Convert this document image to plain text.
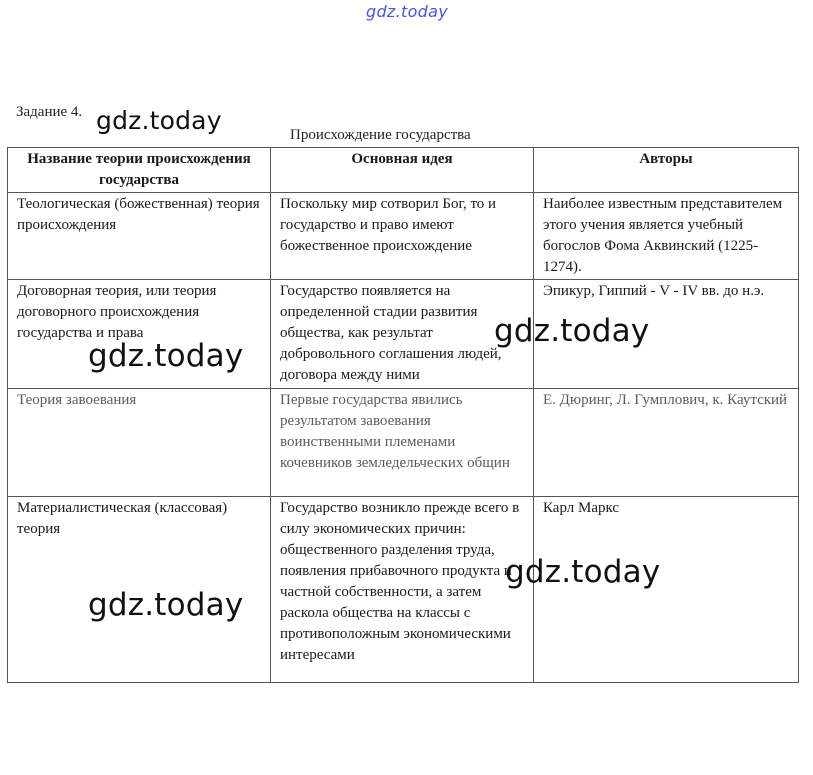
gdz.today
Задание 4. gdz.today	Происхождение государства
Название теории происхождения государства	Основная идея	Авторы
Теологическая (божественная) теория происхождения	Поскольку мир сотворил Бог, то и государство и право имеют божественное происхождение	Наиболее известным представителем этого учения является учебный богослов Фома Аквинский (1225- 1274).
Договорная теория, или теория договорного происхождения государства и права	Государство появляется на определенной стадии развития общества, как результат добровольного соглашения людей, договора между ними	Эпикур, Гиппий - V - IV вв. до н.э.
Теория завоевания	Первые государства явились результатом завоевания воинственными племенами кочевников земледельческих общин	Е. Дюринг, Л. Гумплович, к. Каутский
Материалистическая (классовая) теория	Государство возникло прежде всего в силу экономических причин: общественного разделения труда, появления прибавочного продукта и частной собственности, а затем раскола общества на классы с противоположным экономическими интересами	Карл Маркс
gdz.today
gdz.today
gdz.today
gdz.today
